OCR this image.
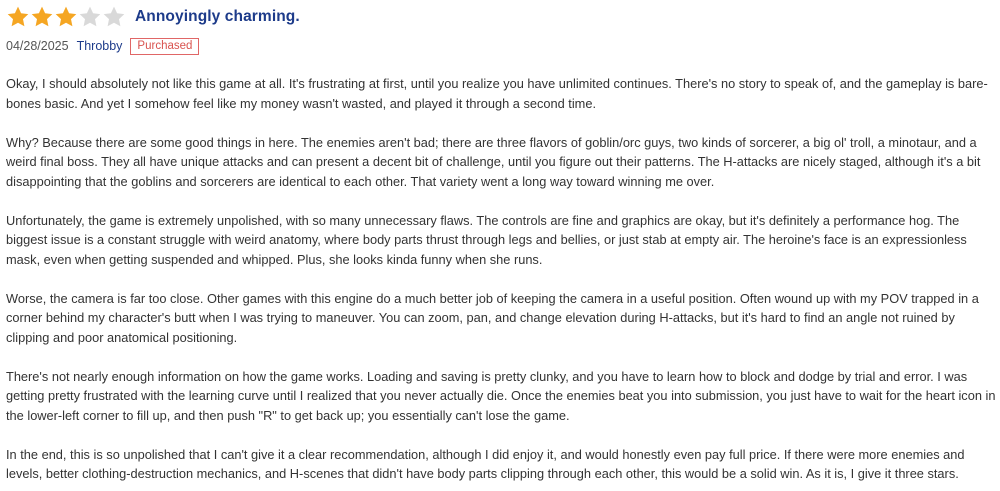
Annoyingly charming.
04/28/2025 Throbby	Purchased

Okay, I should absolutely not like this game at all. It's frustrating at first, until you realize you have unlimited continues. There's no story to speak of, and the gameplay is bare-bones basic. And yet I somehow feel like my money wasn't wasted, and played it through a second time.

Why? Because there are some good things in here. The enemies aren't bad; there are three flavors of goblin/orc guys, two kinds of sorcerer, a big ol' troll, a minotaur, and a weird final boss. They all have unique attacks and can present a decent bit of challenge, until you figure out their patterns. The H-attacks are nicely staged, although it's a bit disappointing that the goblins and sorcerers are identical to each other. That variety went a long way toward winning me over.

Unfortunately, the game is extremely unpolished, with so many unnecessary flaws. The controls are fine and graphics are okay, but it's definitely a performance hog. The biggest issue is a constant struggle with weird anatomy, where body parts thrust through legs and bellies, or just stab at empty air. The heroine's face is an expressionless mask, even when getting suspended and whipped. Plus, she looks kinda funny when she runs.

Worse, the camera is far too close. Other games with this engine do a much better job of keeping the camera in a useful position. Often wound up with my POV trapped in a corner behind my character's butt when I was trying to maneuver. You can zoom, pan, and change elevation during H-attacks, but it's hard to find an angle not ruined by clipping and poor anatomical positioning.

There's not nearly enough information on how the game works. Loading and saving is pretty clunky, and you have to learn how to block and dodge by trial and error. I was getting pretty frustrated with the learning curve until I realized that you never actually die. Once the enemies beat you into submission, you just have to wait for the heart icon in the lower-left corner to fill up, and then push "R" to get back up; you essentially can't lose the game.

In the end, this is so unpolished that I can't give it a clear recommendation, although I did enjoy it, and would honestly even pay full price. If there were more enemies and levels, better clothing-destruction mechanics, and H-scenes that didn't have body parts clipping through each other, this would be a solid win. As it is, I give it three stars.
